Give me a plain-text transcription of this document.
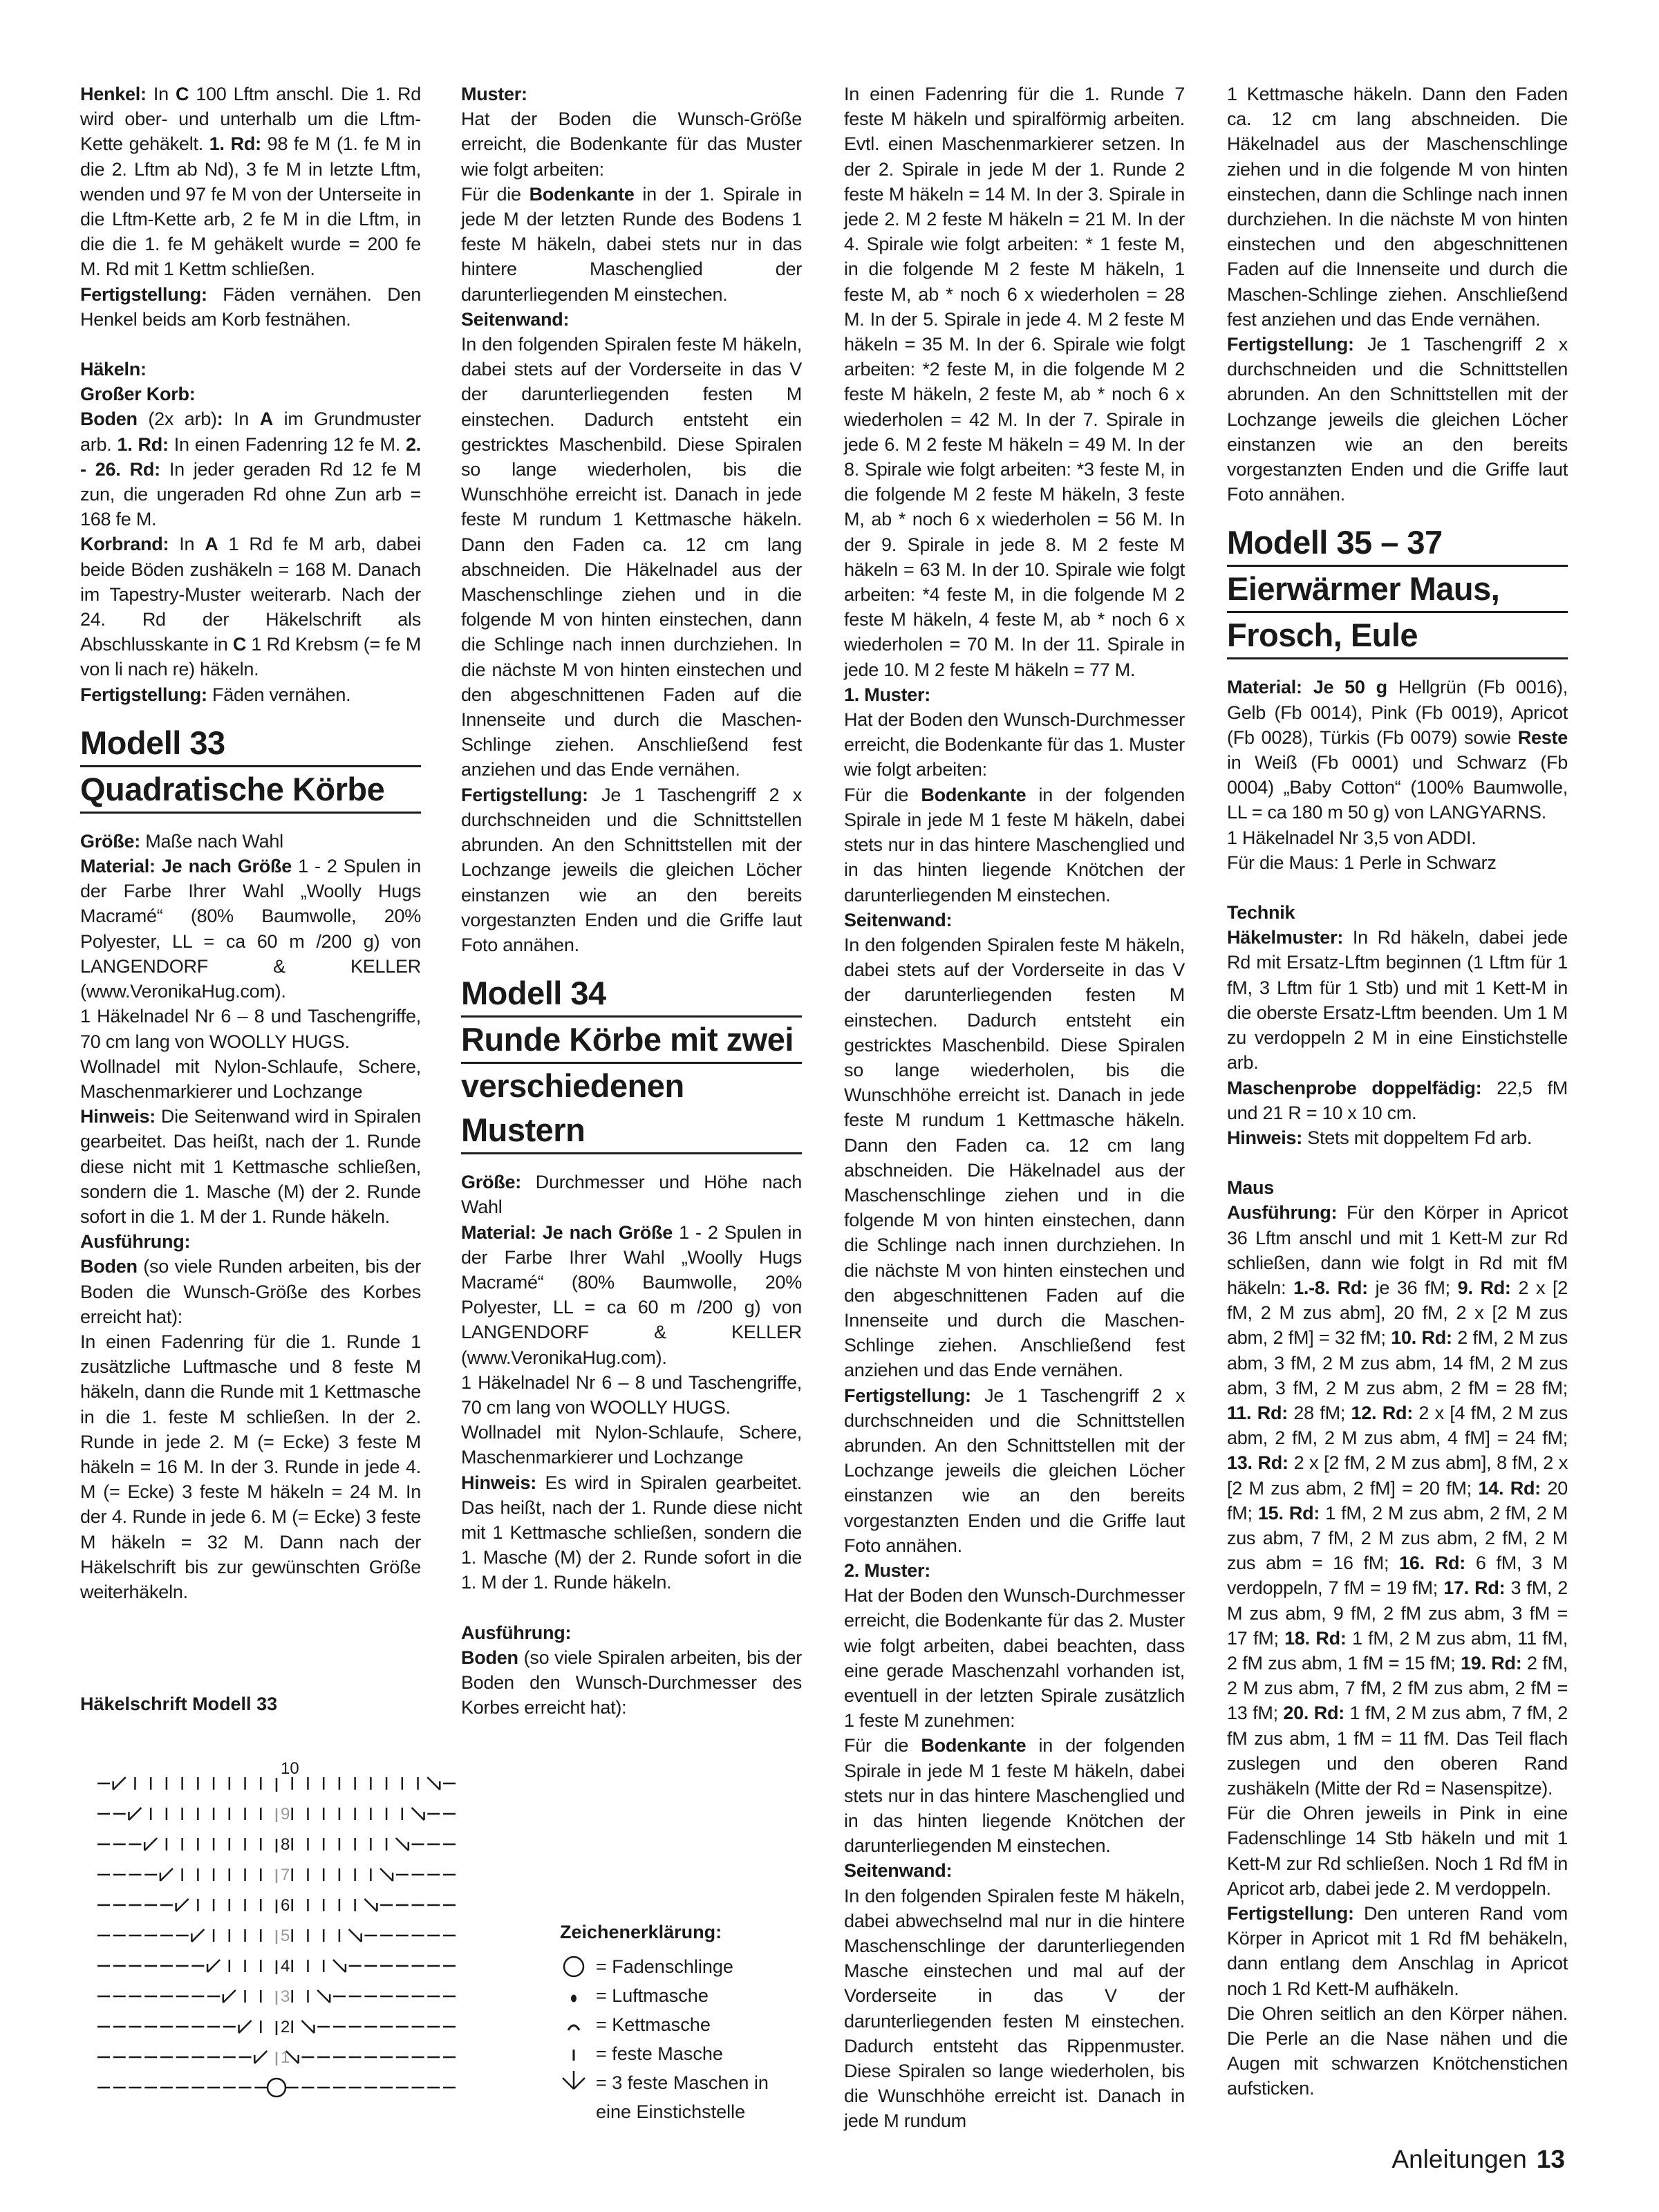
Henkel: In C 100 Lftm anschl. Die 1. Rd wird ober- und unterhalb um die Lftm-Kette gehäkelt. 1. Rd: 98 fe M (1. fe M in die 2. Lftm ab Nd), 3 fe M in letzte Lftm, wenden und 97 fe M von der Unterseite in die Lftm-Kette arb, 2 fe M in die Lftm, in die die 1. fe M gehäkelt wurde = 200 fe M. Rd mit 1 Kettm schließen.

Fertigstellung: Fäden vernähen. Den Henkel beids am Korb festnähen.

Häkeln:

Großer Korb:

Boden (2x arb): In A im Grundmuster arb. 1. Rd: In einen Fadenring 12 fe M. 2. - 26. Rd: In jeder geraden Rd 12 fe M zun, die ungeraden Rd ohne Zun arb = 168 fe M.

Korbrand: In A 1 Rd fe M arb, dabei beide Böden zushäkeln = 168 M. Danach im Tapestry-Muster weiterarb. Nach der 24. Rd der Häkelschrift als Abschlusskante in C 1 Rd Krebsm (= fe M von li nach re) häkeln.

Fertigstellung: Fäden vernähen.

Modell 33
Quadratische Körbe

Größe: Maße nach Wahl

Material: Je nach Größe 1 - 2 Spulen in der Farbe Ihrer Wahl „Woolly Hugs Macramé“ (80% Baumwolle, 20% Polyester, LL = ca 60 m /200 g) von LANGENDORF & KELLER (www.VeronikaHug.com).

1 Häkelnadel Nr 6 – 8 und Taschengriffe, 70 cm lang von WOOLLY HUGS.

Wollnadel mit Nylon-Schlaufe, Schere, Maschenmarkierer und Lochzange

Hinweis: Die Seitenwand wird in Spiralen gearbeitet. Das heißt, nach der 1. Runde diese nicht mit 1 Kettmasche schließen, sondern die 1. Masche (M) der 2. Runde sofort in die 1. M der 1. Runde häkeln.

Ausführung:

Boden (so viele Runden arbeiten, bis der Boden die Wunsch-Größe des Korbes erreicht hat):

In einen Fadenring für die 1. Runde 1 zusätzliche Luftmasche und 8 feste M häkeln, dann die Runde mit 1 Kettmasche in die 1. feste M schließen. In der 2. Runde in jede 2. M (= Ecke) 3 feste M häkeln = 16 M. In der 3. Runde in jede 4. M (= Ecke) 3 feste M häkeln = 24 M. In der 4. Runde in jede 6. M (= Ecke) 3 feste M häkeln = 32 M. Dann nach der Häkelschrift bis zur gewünschten Größe weiterhäkeln.

Muster:

Hat der Boden die Wunsch-Größe erreicht, die Bodenkante für das Muster wie folgt arbeiten:

Für die Bodenkante in der 1. Spirale in jede M der letzten Runde des Bodens 1 feste M häkeln, dabei stets nur in das hintere Maschenglied der darunterliegenden M einstechen.

Seitenwand:

In den folgenden Spiralen feste M häkeln, dabei stets auf der Vorderseite in das V der darunterliegenden festen M einstechen. Dadurch entsteht ein gestricktes Maschenbild. Diese Spiralen so lange wiederholen, bis die Wunschhöhe erreicht ist. Danach in jede feste M rundum 1 Kettmasche häkeln. Dann den Faden ca. 12 cm lang abschneiden. Die Häkelnadel aus der Maschenschlinge ziehen und in die folgende M von hinten einstechen, dann die Schlinge nach innen durchziehen. In die nächste M von hinten einstechen und den abgeschnittenen Faden auf die Innenseite und durch die Maschen-Schlinge ziehen. Anschließend fest anziehen und das Ende vernähen.

Fertigstellung: Je 1 Taschengriff 2 x durchschneiden und die Schnittstellen abrunden. An den Schnittstellen mit der Lochzange jeweils die gleichen Löcher einstanzen wie an den bereits vorgestanzten Enden und die Griffe laut Foto annähen.

Modell 34
Runde Körbe mit zwei
verschiedenen Mustern

Größe: Durchmesser und Höhe nach Wahl

Material: Je nach Größe 1 - 2 Spulen in der Farbe Ihrer Wahl „Woolly Hugs Macramé“ (80% Baumwolle, 20% Polyester, LL = ca 60 m /200 g) von LANGENDORF & KELLER (www.VeronikaHug.com).

1 Häkelnadel Nr 6 – 8 und Taschengriffe, 70 cm lang von WOOLLY HUGS.

Wollnadel mit Nylon-Schlaufe, Schere, Maschenmarkierer und Lochzange

Hinweis: Es wird in Spiralen gearbeitet. Das heißt, nach der 1. Runde diese nicht mit 1 Kettmasche schließen, sondern die 1. Masche (M) der 2. Runde sofort in die 1. M der 1. Runde häkeln.

Ausführung:

Boden (so viele Spiralen arbeiten, bis der Boden den Wunsch-Durchmesser des Korbes erreicht hat):

In einen Fadenring für die 1. Runde 7 feste M häkeln und spiralförmig arbeiten. Evtl. einen Maschenmarkierer setzen. In der 2. Spirale in jede M der 1. Runde 2 feste M häkeln = 14 M. In der 3. Spirale in jede 2. M 2 feste M häkeln = 21 M. In der 4. Spirale wie folgt arbeiten: * 1 feste M, in die folgende M 2 feste M häkeln, 1 feste M, ab * noch 6 x wiederholen = 28 M. In der 5. Spirale in jede 4. M 2 feste M häkeln = 35 M. In der 6. Spirale wie folgt arbeiten: *2 feste M, in die folgende M 2 feste M häkeln, 2 feste M, ab * noch 6 x wiederholen = 42 M. In der 7. Spirale in jede 6. M 2 feste M häkeln = 49 M. In der 8. Spirale wie folgt arbeiten: *3 feste M, in die folgende M 2 feste M häkeln, 3 feste M, ab * noch 6 x wiederholen = 56 M. In der 9. Spirale in jede 8. M 2 feste M häkeln = 63 M. In der 10. Spirale wie folgt arbeiten: *4 feste M, in die folgende M 2 feste M häkeln, 4 feste M, ab * noch 6 x wiederholen = 70 M. In der 11. Spirale in jede 10. M 2 feste M häkeln = 77 M.

1. Muster:

Hat der Boden den Wunsch-Durchmesser erreicht, die Bodenkante für das 1. Muster wie folgt arbeiten:

Für die Bodenkante in der folgenden Spirale in jede M 1 feste M häkeln, dabei stets nur in das hintere Maschenglied und in das hinten liegende Knötchen der darunterliegenden M einstechen.

Seitenwand:

In den folgenden Spiralen feste M häkeln, dabei stets auf der Vorderseite in das V der darunterliegenden festen M einstechen. Dadurch entsteht ein gestricktes Maschenbild. Diese Spiralen so lange wiederholen, bis die Wunschhöhe erreicht ist. Danach in jede feste M rundum 1 Kettmasche häkeln. Dann den Faden ca. 12 cm lang abschneiden. Die Häkelnadel aus der Maschenschlinge ziehen und in die folgende M von hinten einstechen, dann die Schlinge nach innen durchziehen. In die nächste M von hinten einstechen und den abgeschnittenen Faden auf die Innenseite und durch die Maschen-Schlinge ziehen. Anschließend fest anziehen und das Ende vernähen.

Fertigstellung: Je 1 Taschengriff 2 x durchschneiden und die Schnittstellen abrunden. An den Schnittstellen mit der Lochzange jeweils die gleichen Löcher einstanzen wie an den bereits vorgestanzten Enden und die Griffe laut Foto annähen.

2. Muster:

Hat der Boden den Wunsch-Durchmesser erreicht, die Bodenkante für das 2. Muster wie folgt arbeiten, dabei beachten, dass eine gerade Maschenzahl vorhanden ist, eventuell in der letzten Spirale zusätzlich 1 feste M zunehmen:

Für die Bodenkante in der folgenden Spirale in jede M 1 feste M häkeln, dabei stets nur in das hintere Maschenglied und in das hinten liegende Knötchen der darunterliegenden M einstechen.

Seitenwand:

In den folgenden Spiralen feste M häkeln, dabei abwechselnd mal nur in die hintere Maschenschlinge der darunterliegenden Masche einstechen und mal auf der Vorderseite in das V der darunterliegenden festen M einstechen. Dadurch entsteht das Rippenmuster. Diese Spiralen so lange wiederholen, bis die Wunschhöhe erreicht ist. Danach in jede M rundum

1 Kettmasche häkeln. Dann den Faden ca. 12 cm lang abschneiden. Die Häkelnadel aus der Maschenschlinge ziehen und in die folgende M von hinten einstechen, dann die Schlinge nach innen durchziehen. In die nächste M von hinten einstechen und den abgeschnittenen Faden auf die Innenseite und durch die Maschen-Schlinge ziehen. Anschließend fest anziehen und das Ende vernähen.

Fertigstellung: Je 1 Taschengriff 2 x durchschneiden und die Schnittstellen abrunden. An den Schnittstellen mit der Lochzange jeweils die gleichen Löcher einstanzen wie an den bereits vorgestanzten Enden und die Griffe laut Foto annähen.

Modell 35 – 37
Eierwärmer Maus,
Frosch, Eule

Material: Je 50 g Hellgrün (Fb 0016), Gelb (Fb 0014), Pink (Fb 0019), Apricot (Fb 0028), Türkis (Fb 0079) sowie Reste in Weiß (Fb 0001) und Schwarz (Fb 0004) „Baby Cotton“ (100% Baumwolle, LL = ca 180 m 50 g) von LANGYARNS.

1 Häkelnadel Nr 3,5 von ADDI.

Für die Maus: 1 Perle in Schwarz

Technik

Häkelmuster: In Rd häkeln, dabei jede Rd mit Ersatz-Lftm beginnen (1 Lftm für 1 fM, 3 Lftm für 1 Stb) und mit 1 Kett-M in die oberste Ersatz-Lftm beenden. Um 1 M zu verdoppeln 2 M in eine Einstichstelle arb.

Maschenprobe doppelfädig: 22,5 fM und 21 R = 10 x 10 cm.

Hinweis: Stets mit doppeltem Fd arb.

Maus

Ausführung: Für den Körper in Apricot 36 Lftm anschl und mit 1 Kett-M zur Rd schließen, dann wie folgt in Rd mit fM häkeln: 1.-8. Rd: je 36 fM; 9. Rd: 2 x [2 fM, 2 M zus abm], 20 fM, 2 x [2 M zus abm, 2 fM] = 32 fM; 10. Rd: 2 fM, 2 M zus abm, 3 fM, 2 M zus abm, 14 fM, 2 M zus abm, 3 fM, 2 M zus abm, 2 fM = 28 fM; 11. Rd: 28 fM; 12. Rd: 2 x [4 fM, 2 M zus abm, 2 fM, 2 M zus abm, 4 fM] = 24 fM; 13. Rd: 2 x [2 fM, 2 M zus abm], 8 fM, 2 x [2 M zus abm, 2 fM] = 20 fM; 14. Rd: 20 fM; 15. Rd: 1 fM, 2 M zus abm, 2 fM, 2 M zus abm, 7 fM, 2 M zus abm, 2 fM, 2 M zus abm = 16 fM; 16. Rd: 6 fM, 3 M verdoppeln, 7 fM = 19 fM; 17. Rd: 3 fM, 2 M zus abm, 9 fM, 2 fM zus abm, 3 fM = 17 fM; 18. Rd: 1 fM, 2 M zus abm, 11 fM, 2 fM zus abm, 1 fM = 15 fM; 19. Rd: 2 fM, 2 M zus abm, 7 fM, 2 fM zus abm, 2 fM = 13 fM; 20. Rd: 1 fM, 2 M zus abm, 7 fM, 2 fM zus abm, 1 fM = 11 fM. Das Teil flach zuslegen und den oberen Rand zushäkeln (Mitte der Rd = Nasenspitze).

Für die Ohren jeweils in Pink in eine Fadenschlinge 14 Stb häkeln und mit 1 Kett-M zur Rd schließen. Noch 1 Rd fM in Apricot arb, dabei jede 2. M verdoppeln.

Fertigstellung: Den unteren Rand vom Körper in Apricot mit 1 Rd fM behäkeln, dann entlang dem Anschlag in Apricot noch 1 Rd Kett-M aufhäkeln.

Die Ohren seitlich an den Körper nähen. Die Perle an die Nase nähen und die Augen mit schwarzen Knötchenstichen aufsticken.

Häkelschrift Modell 33
10
9
8
7
6
5
4
3
2
1
Zeichenerklärung:
= Fadenschlinge
= Luftmasche
= Kettmasche
= feste Masche
= 3 feste Maschen in eine Einstichstelle
Anleitungen 13
